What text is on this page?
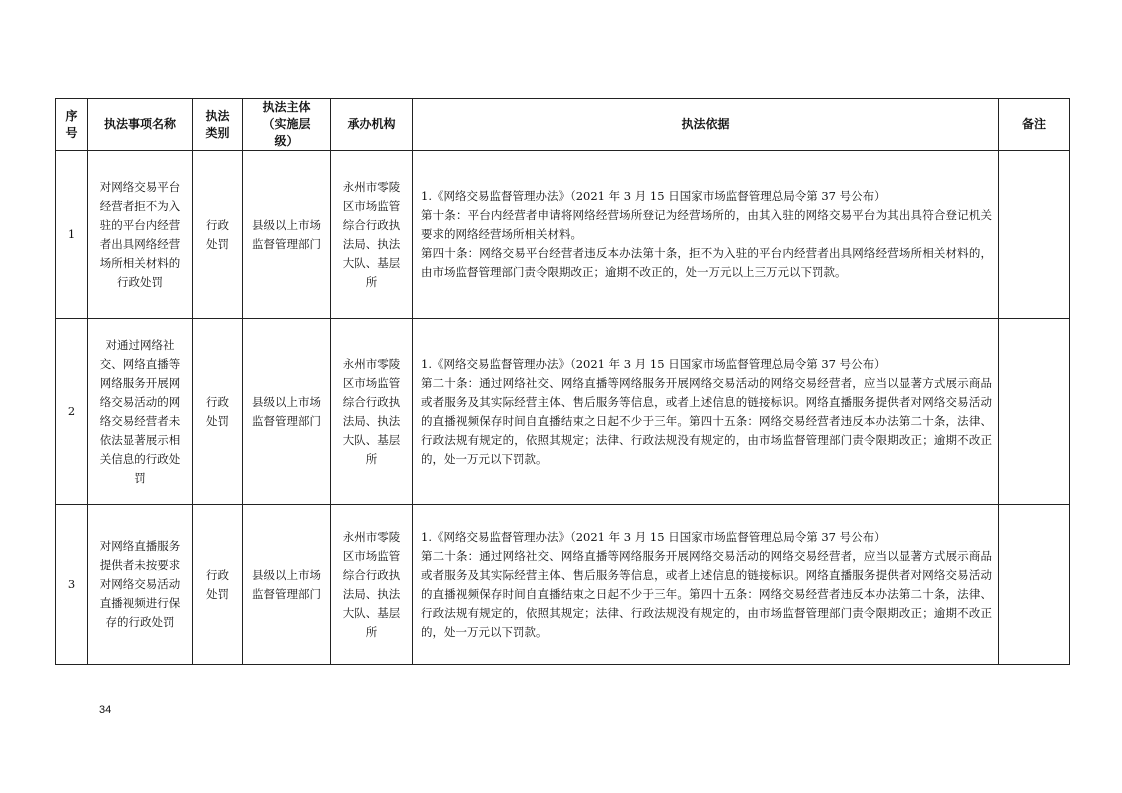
序号	执法事项名称	执法类别	执法主体（实施层级）	承办机构	执法依据	备注

1	对网络交易平台经营者拒不为入驻的平台内经营者出具网络经营场所相关材料的行政处罚	行政处罚	县级以上市场监督管理部门	永州市零陵区市场监管综合行政执法局、执法大队、基层所	1.《网络交易监督管理办法》（2021 年 3 月 15 日国家市场监督管理总局令第 37 号公布）
第十条：平台内经营者申请将网络经营场所登记为经营场所的，由其入驻的网络交易平台为其出具符合登记机关要求的网络经营场所相关材料。
第四十条：网络交易平台经营者违反本办法第十条，拒不为入驻的平台内经营者出具网络经营场所相关材料的，由市场监督管理部门责令限期改正；逾期不改正的，处一万元以上三万元以下罚款。	

2	对通过网络社交、网络直播等网络服务开展网络交易活动的网络交易经营者未依法显著展示相关信息的行政处罚	行政处罚	县级以上市场监督管理部门	永州市零陵区市场监管综合行政执法局、执法大队、基层所	1.《网络交易监督管理办法》（2021 年 3 月 15 日国家市场监督管理总局令第 37 号公布）
第二十条：通过网络社交、网络直播等网络服务开展网络交易活动的网络交易经营者，应当以显著方式展示商品或者服务及其实际经营主体、售后服务等信息，或者上述信息的链接标识。网络直播服务提供者对网络交易活动的直播视频保存时间自直播结束之日起不少于三年。第四十五条：网络交易经营者违反本办法第二十条，法律、行政法规有规定的，依照其规定；法律、行政法规没有规定的，由市场监督管理部门责令限期改正；逾期不改正的，处一万元以下罚款。	

3	对网络直播服务提供者未按要求对网络交易活动直播视频进行保存的行政处罚	行政处罚	县级以上市场监督管理部门	永州市零陵区市场监管综合行政执法局、执法大队、基层所	1.《网络交易监督管理办法》（2021 年 3 月 15 日国家市场监督管理总局令第 37 号公布）
第二十条：通过网络社交、网络直播等网络服务开展网络交易活动的网络交易经营者，应当以显著方式展示商品或者服务及其实际经营主体、售后服务等信息，或者上述信息的链接标识。网络直播服务提供者对网络交易活动的直播视频保存时间自直播结束之日起不少于三年。第四十五条：网络交易经营者违反本办法第二十条，法律、行政法规有规定的，依照其规定；法律、行政法规没有规定的，由市场监督管理部门责令限期改正；逾期不改正的，处一万元以下罚款。	

34
